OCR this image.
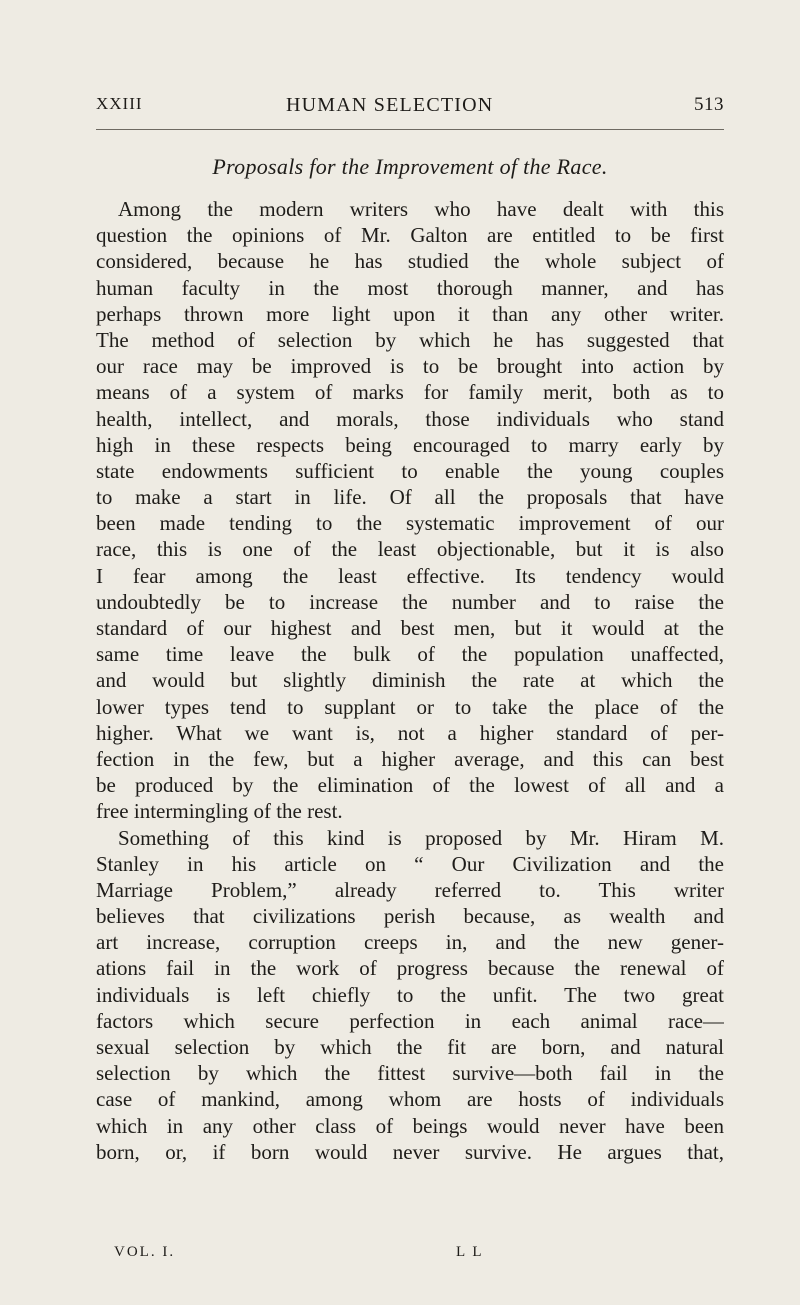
XXIII	HUMAN SELECTION	513
Proposals for the Improvement of the Race.
Among the modern writers who have dealt with this
question the opinions of Mr. Galton are entitled to be first
considered, because he has studied the whole subject of
human faculty in the most thorough manner, and has
perhaps thrown more light upon it than any other writer.
The method of selection by which he has suggested that
our race may be improved is to be brought into action by
means of a system of marks for family merit, both as to
health, intellect, and morals, those individuals who stand
high in these respects being encouraged to marry early by
state endowments sufficient to enable the young couples
to make a start in life. Of all the proposals that have
been made tending to the systematic improvement of our
race, this is one of the least objectionable, but it is also
I fear among the least effective. Its tendency would
undoubtedly be to increase the number and to raise the
standard of our highest and best men, but it would at the
same time leave the bulk of the population unaffected,
and would but slightly diminish the rate at which the
lower types tend to supplant or to take the place of the
higher. What we want is, not a higher standard of per-
fection in the few, but a higher average, and this can best
be produced by the elimination of the lowest of all and a
free intermingling of the rest.
Something of this kind is proposed by Mr. Hiram M.
Stanley in his article on “ Our Civilization and the
Marriage Problem,” already referred to. This writer
believes that civilizations perish because, as wealth and
art increase, corruption creeps in, and the new gener-
ations fail in the work of progress because the renewal of
individuals is left chiefly to the unfit. The two great
factors which secure perfection in each animal race—
sexual selection by which the fit are born, and natural
selection by which the fittest survive—both fail in the
case of mankind, among whom are hosts of individuals
which in any other class of beings would never have been
born, or, if born would never survive. He argues that,
VOL. I.	L L
